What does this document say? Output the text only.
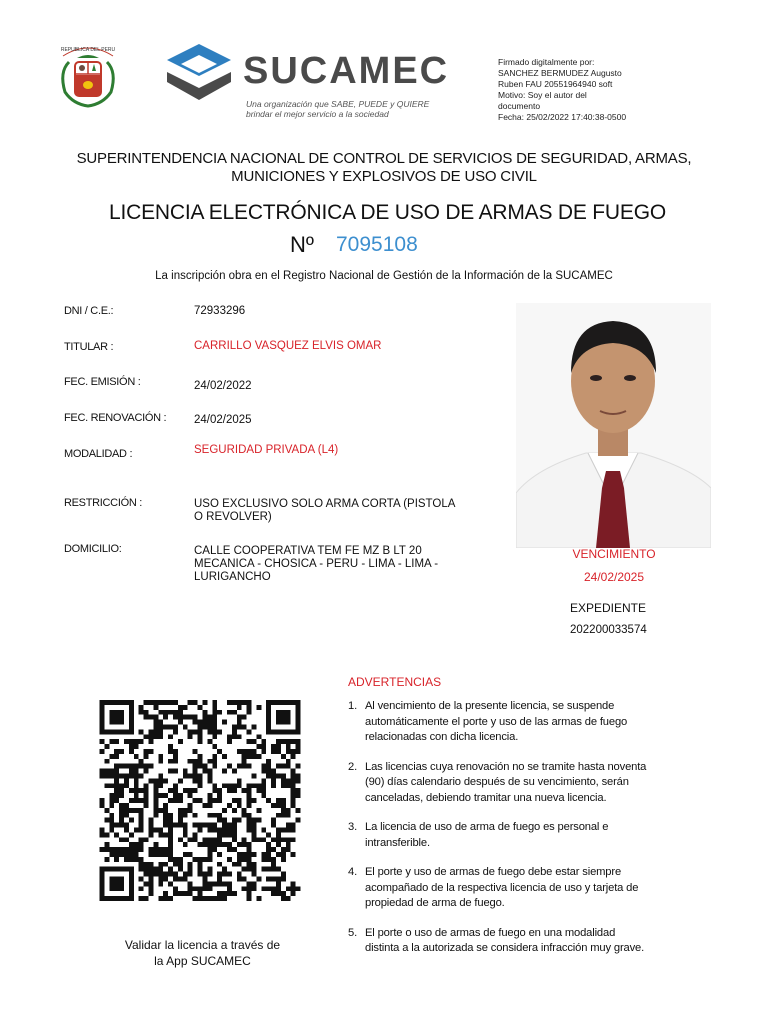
REPUBLICA DEL PERU	SUCAMEC
Una organización que SABE, PUEDE y QUIERE
brindar el mejor servicio a la sociedad
Firmado digitalmente por:
SANCHEZ BERMUDEZ Augusto
Ruben FAU 20551964940 soft
Motivo: Soy el autor del
documento
Fecha: 25/02/2022 17:40:38-0500
SUPERINTENDENCIA NACIONAL DE CONTROL DE SERVICIOS DE SEGURIDAD, ARMAS,
MUNICIONES Y EXPLOSIVOS DE USO CIVIL
LICENCIA ELECTRÓNICA DE USO DE ARMAS DE FUEGO
Nº 7095108
La inscripción obra en el Registro Nacional de Gestión de la Información de la SUCAMEC
DNI / C.E.:	72933296
TITULAR :	CARRILLO VASQUEZ ELVIS OMAR
FEC. EMISIÓN :	24/02/2022
FEC. RENOVACIÓN : 24/02/2025
MODALIDAD :	SEGURIDAD PRIVADA (L4)
RESTRICCIÓN :	USO EXCLUSIVO SOLO ARMA CORTA (PISTOLA
O REVOLVER)
DOMICILIO:	CALLE COOPERATIVA TEM FE MZ B LT 20
MECANICA - CHOSICA - PERU - LIMA - LIMA -
LURIGANCHO
VENCIMIENTO
24/02/2025
EXPEDIENTE
202200033574
Validar la licencia a través de
la App SUCAMEC
ADVERTENCIAS
1. Al vencimiento de la presente licencia, se suspende
automáticamente el porte y uso de las armas de fuego
relacionadas con dicha licencia.
2. Las licencias cuya renovación no se tramite hasta noventa
(90) días calendario después de su vencimiento, serán
canceladas, debiendo tramitar una nueva licencia.
3. La licencia de uso de arma de fuego es personal e
intransferible.
4. El porte y uso de armas de fuego debe estar siempre
acompañado de la respectiva licencia de uso y tarjeta de
propiedad de arma de fuego.
5. El porte o uso de armas de fuego en una modalidad
distinta a la autorizada se considera infracción muy grave.
